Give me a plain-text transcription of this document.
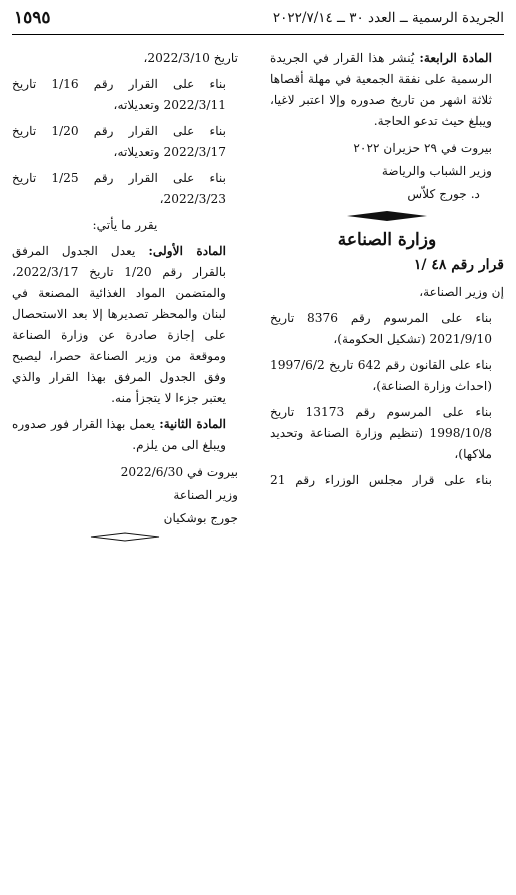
الجريدة الرسمية ــ العدد ٣٠ ــ ٢٠٢٢/٧/١٤
١٥٩٥

المادة الرابعة: يُنشر هذا القرار في الجريدة الرسمية على نفقة الجمعية في مهلة أقصاها ثلاثة اشهر من تاريخ صدوره وإلا اعتبر لاغيا، ويبلغ حيث تدعو الحاجة.

بيروت في ٢٩ حزيران ٢٠٢٢

وزير الشباب والرياضة

د. جورج كلاّس

وزارة الصناعة
قرار رقم ٤٨ /١

إن وزير الصناعة،

بناء على المرسوم رقم 8376 تاريخ 2021/9/10 (تشكيل الحكومة)،

بناء على القانون رقم 642 تاريخ 1997/6/2 (احداث وزارة الصناعة)،

بناء على المرسوم رقم 13173 تاريخ 1998/10/8 (تنظيم وزارة الصناعة وتحديد ملاكها)،

بناء على قرار مجلس الوزراء رقم 21

تاريخ 2022/3/10،

بناء على القرار رقم 1/16 تاريخ 2022/3/11 وتعديلاته،

بناء على القرار رقم 1/20 تاريخ 2022/3/17 وتعديلاته،

بناء على القرار رقم 1/25 تاريخ 2022/3/23،

يقرر ما يأتي:

المادة الأولى: يعدل الجدول المرفق بالقرار رقم 1/20 تاريخ 2022/3/17، والمتضمن المواد الغذائية المصنعة في لبنان والمحظر تصديرها إلا بعد الاستحصال على إجازة صادرة عن وزارة الصناعة وموقعة من وزير الصناعة حصرا، ليصبح وفق الجدول المرفق بهذا القرار والذي يعتبر جزءا لا يتجزأ منه.

المادة الثانية: يعمل بهذا القرار فور صدوره ويبلغ الى من يلزم.

بيروت في 2022/6/30

وزير الصناعة

جورج بوشكيان
